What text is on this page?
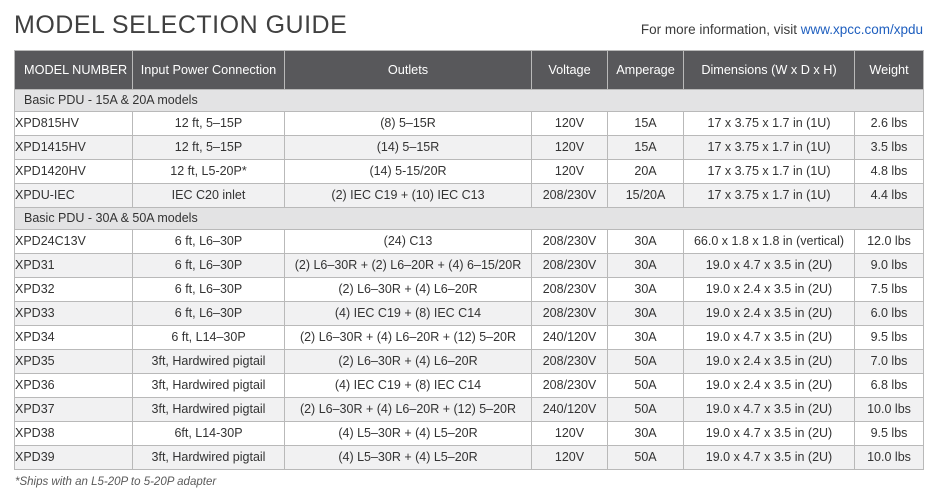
MODEL SELECTION GUIDE	For more information, visit www.xpcc.com/xpdu
MODEL NUMBER	Input Power Connection	Outlets	Voltage	Amperage	Dimensions (W x D x H)	Weight
Basic PDU - 15A & 20A models						
XPD815HV	12 ft, 5–15P	(8) 5–15R	120V	15A	17 x 3.75 x 1.7 in (1U)	2.6 lbs
XPD1415HV	12 ft, 5–15P	(14) 5–15R	120V	15A	17 x 3.75 x 1.7 in (1U)	3.5 lbs
XPD1420HV	12 ft, L5-20P*	(14) 5-15/20R	120V	20A	17 x 3.75 x 1.7 in (1U)	4.8 lbs
XPDU-IEC	IEC C20 inlet	(2) IEC C19 + (10) IEC C13	208/230V	15/20A	17 x 3.75 x 1.7 in (1U)	4.4 lbs
Basic PDU - 30A & 50A models						
XPD24C13V	6 ft, L6–30P	(24) C13	208/230V	30A	66.0 x 1.8 x 1.8 in (vertical)	12.0 lbs
XPD31	6 ft, L6–30P	(2) L6–30R + (2) L6–20R + (4) 6–15/20R	208/230V	30A	19.0 x 4.7 x 3.5 in (2U)	9.0 lbs
XPD32	6 ft, L6–30P	(2) L6–30R + (4) L6–20R	208/230V	30A	19.0 x 2.4 x 3.5 in (2U)	7.5 lbs
XPD33	6 ft, L6–30P	(4) IEC C19 + (8) IEC C14	208/230V	30A	19.0 x 2.4 x 3.5 in (2U)	6.0 lbs
XPD34	6 ft, L14–30P	(2) L6–30R + (4) L6–20R + (12) 5–20R	240/120V	30A	19.0 x 4.7 x 3.5 in (2U)	9.5 lbs
XPD35	3ft, Hardwired pigtail	(2) L6–30R + (4) L6–20R	208/230V	50A	19.0 x 2.4 x 3.5 in (2U)	7.0 lbs
XPD36	3ft, Hardwired pigtail	(4) IEC C19 + (8) IEC C14	208/230V	50A	19.0 x 2.4 x 3.5 in (2U)	6.8 lbs
XPD37	3ft, Hardwired pigtail	(2) L6–30R + (4) L6–20R + (12) 5–20R	240/120V	50A	19.0 x 4.7 x 3.5 in (2U)	10.0 lbs
XPD38	6ft, L14-30P	(4) L5–30R + (4) L5–20R	120V	30A	19.0 x 4.7 x 3.5 in (2U)	9.5 lbs
XPD39	3ft, Hardwired pigtail	(4) L5–30R + (4) L5–20R	120V	50A	19.0 x 4.7 x 3.5 in (2U)	10.0 lbs
*Ships with an L5-20P to 5-20P adapter
